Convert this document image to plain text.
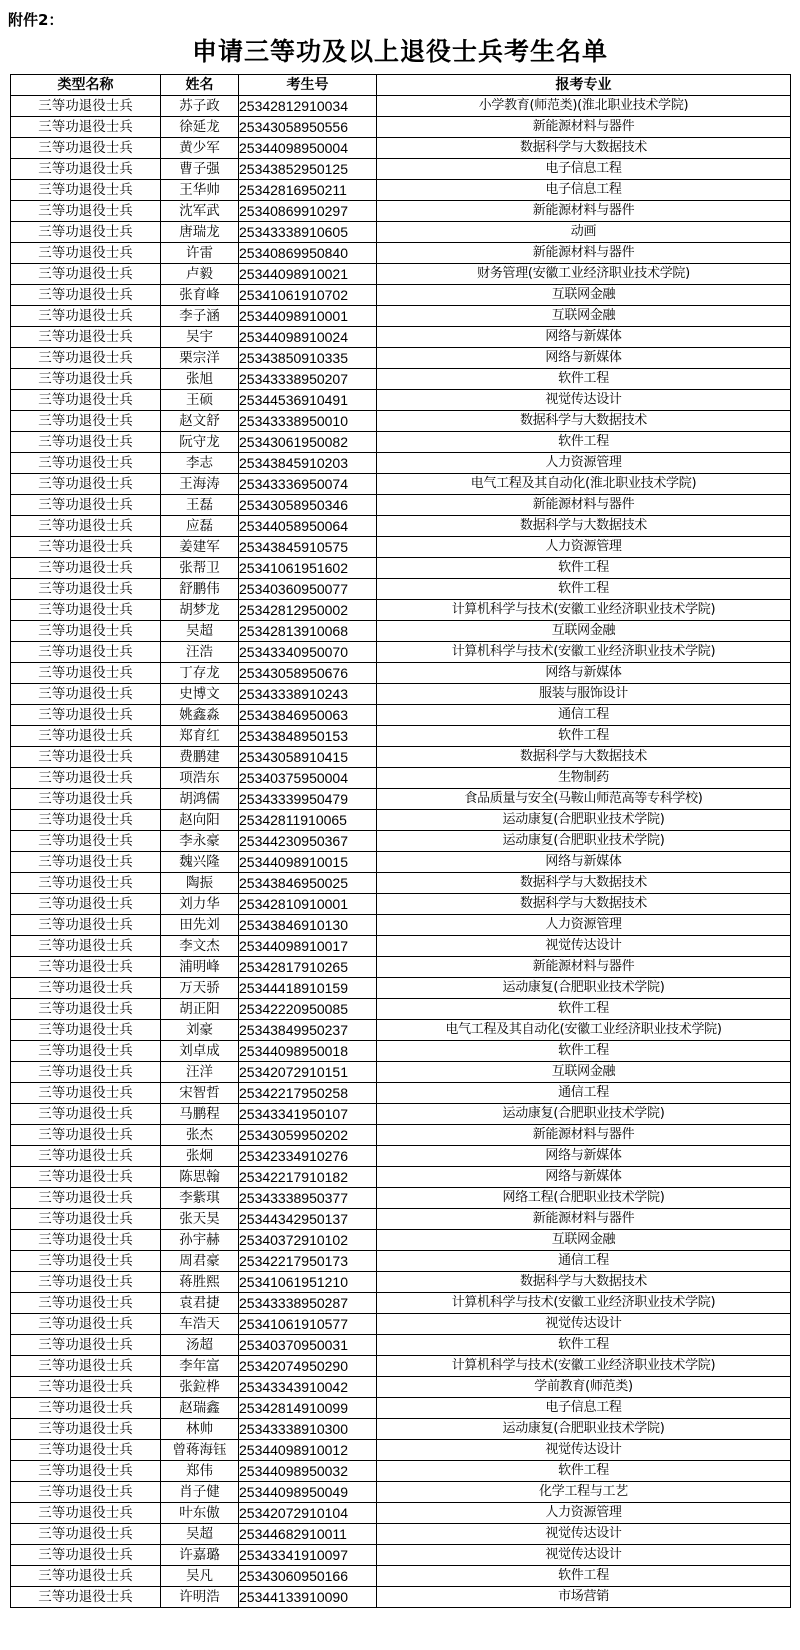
附件2：
申请三等功及以上退役士兵考生名单
类型名称	姓名	考生号	报考专业
三等功退役士兵	苏子政	25342812910034	小学教育(师范类)(淮北职业技术学院)
三等功退役士兵	徐延龙	25343058950556	新能源材料与器件
三等功退役士兵	黄少军	25344098950004	数据科学与大数据技术
三等功退役士兵	曹子强	25343852950125	电子信息工程
三等功退役士兵	王华帅	25342816950211	电子信息工程
三等功退役士兵	沈军武	25340869910297	新能源材料与器件
三等功退役士兵	唐瑞龙	25343338910605	动画
三等功退役士兵	许雷	25340869950840	新能源材料与器件
三等功退役士兵	卢毅	25344098910021	财务管理(安徽工业经济职业技术学院)
三等功退役士兵	张育峰	25341061910702	互联网金融
三等功退役士兵	李子涵	25344098910001	互联网金融
三等功退役士兵	吴宇	25344098910024	网络与新媒体
三等功退役士兵	栗宗洋	25343850910335	网络与新媒体
三等功退役士兵	张旭	25343338950207	软件工程
三等功退役士兵	王硕	25344536910491	视觉传达设计
三等功退役士兵	赵文舒	25343338950010	数据科学与大数据技术
三等功退役士兵	阮守龙	25343061950082	软件工程
三等功退役士兵	李志	25343845910203	人力资源管理
三等功退役士兵	王海涛	25343336950074	电气工程及其自动化(淮北职业技术学院)
三等功退役士兵	王磊	25343058950346	新能源材料与器件
三等功退役士兵	应磊	25344058950064	数据科学与大数据技术
三等功退役士兵	姜建军	25343845910575	人力资源管理
三等功退役士兵	张帮卫	25341061951602	软件工程
三等功退役士兵	舒鹏伟	25340360950077	软件工程
三等功退役士兵	胡梦龙	25342812950002	计算机科学与技术(安徽工业经济职业技术学院)
三等功退役士兵	吴超	25342813910068	互联网金融
三等功退役士兵	汪浩	25343340950070	计算机科学与技术(安徽工业经济职业技术学院)
三等功退役士兵	丁存龙	25343058950676	网络与新媒体
三等功退役士兵	史博文	25343338910243	服装与服饰设计
三等功退役士兵	姚鑫淼	25343846950063	通信工程
三等功退役士兵	郑育红	25343848950153	软件工程
三等功退役士兵	费鹏建	25343058910415	数据科学与大数据技术
三等功退役士兵	项浩东	25340375950004	生物制药
三等功退役士兵	胡鸿儒	25343339950479	食品质量与安全(马鞍山师范高等专科学校)
三等功退役士兵	赵向阳	25342811910065	运动康复(合肥职业技术学院)
三等功退役士兵	李永豪	25344230950367	运动康复(合肥职业技术学院)
三等功退役士兵	魏兴隆	25344098910015	网络与新媒体
三等功退役士兵	陶振	25343846950025	数据科学与大数据技术
三等功退役士兵	刘力华	25342810910001	数据科学与大数据技术
三等功退役士兵	田先刘	25343846910130	人力资源管理
三等功退役士兵	李文杰	25344098910017	视觉传达设计
三等功退役士兵	浦明峰	25342817910265	新能源材料与器件
三等功退役士兵	万天骄	25344418910159	运动康复(合肥职业技术学院)
三等功退役士兵	胡正阳	25342220950085	软件工程
三等功退役士兵	刘豪	25343849950237	电气工程及其自动化(安徽工业经济职业技术学院)
三等功退役士兵	刘卓成	25344098950018	软件工程
三等功退役士兵	汪洋	25342072910151	互联网金融
三等功退役士兵	宋智哲	25342217950258	通信工程
三等功退役士兵	马鹏程	25343341950107	运动康复(合肥职业技术学院)
三等功退役士兵	张杰	25343059950202	新能源材料与器件
三等功退役士兵	张炯	25342334910276	网络与新媒体
三等功退役士兵	陈思翰	25342217910182	网络与新媒体
三等功退役士兵	李紫琪	25343338950377	网络工程(合肥职业技术学院)
三等功退役士兵	张天昊	25344342950137	新能源材料与器件
三等功退役士兵	孙宇赫	25340372910102	互联网金融
三等功退役士兵	周君豪	25342217950173	通信工程
三等功退役士兵	蒋胜熙	25341061951210	数据科学与大数据技术
三等功退役士兵	袁君捷	25343338950287	计算机科学与技术(安徽工业经济职业技术学院)
三等功退役士兵	车浩天	25341061910577	视觉传达设计
三等功退役士兵	汤超	25340370950031	软件工程
三等功退役士兵	李年富	25342074950290	计算机科学与技术(安徽工业经济职业技术学院)
三等功退役士兵	张鉝桦	25343343910042	学前教育(师范类)
三等功退役士兵	赵瑞鑫	25342814910099	电子信息工程
三等功退役士兵	林帅	25343338910300	运动康复(合肥职业技术学院)
三等功退役士兵	曾蒋海钰	25344098910012	视觉传达设计
三等功退役士兵	郑伟	25344098950032	软件工程
三等功退役士兵	肖子健	25344098950049	化学工程与工艺
三等功退役士兵	叶东傲	25342072910104	人力资源管理
三等功退役士兵	吴超	25344682910011	视觉传达设计
三等功退役士兵	许嘉璐	25343341910097	视觉传达设计
三等功退役士兵	吴凡	25343060950166	软件工程
三等功退役士兵	许明浩	25344133910090	市场营销
